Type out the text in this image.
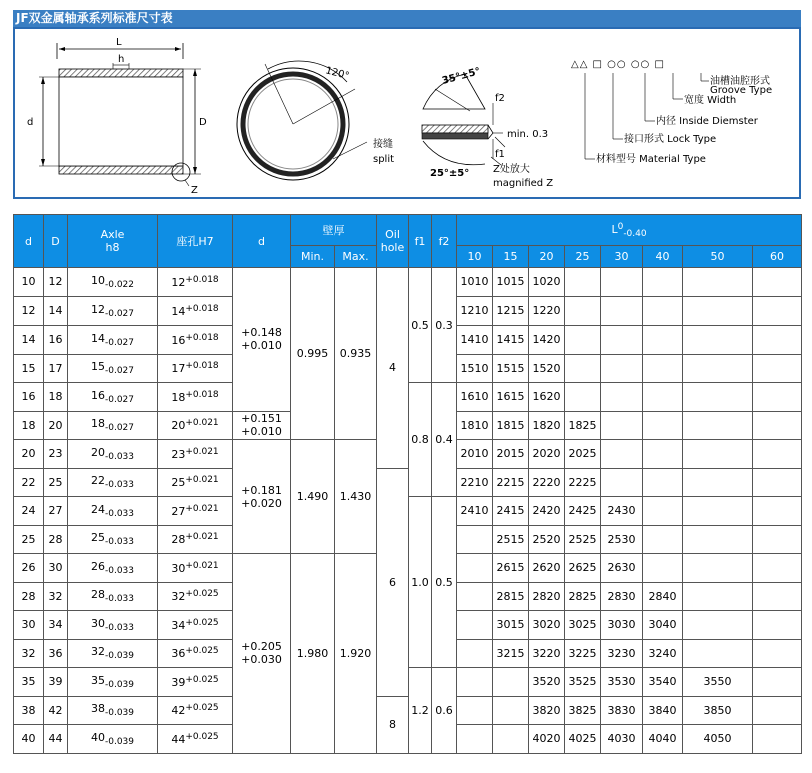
JF双金属轴承系列标准尺寸表
L
h
d	D
Z
120°
接缝
split
35°±5°
f2
f1
min. 0.3
25°±5° Z处放大
magnified Z
△△ □ ○○ ○○ □
油槽油腔形式
Groove Type
宽度 Width
内径 Inside Diemster
接口形式 Lock Type
材料型号 Material Type
d	D	Axle
h8	座孔H7	d	壁厚		Oil
hole	f1	f2	$L^0_{-0.40}$
					Min.	Max.				10	15	20	25	30	40	50	60
10	12	$10_{-0.022}$	$12^{+0.018}$	+0.148
+0.010	0.995	0.935	4	0.5	0.3	1010	1015	1020					
12	14	$12_{-0.027}$	$14^{+0.018}$							1210	1215	1220					
14	16	$14_{-0.027}$	$16^{+0.018}$							1410	1415	1420					
15	17	$15_{-0.027}$	$17^{+0.018}$							1510	1515	1520					
16	18	$16_{-0.027}$	$18^{+0.018}$					0.8	0.4	1610	1615	1620					
18	20	$18_{-0.027}$	$20^{+0.021}$	+0.151
+0.010						1810	1815	1820	1825				
20	23	$20_{-0.033}$	$23^{+0.021}$	+0.181
+0.020	1.490	1.430				2010	2015	2020	2025				
22	25	$22_{-0.033}$	$25^{+0.021}$				6			2210	2215	2220	2225				
24	27	$24_{-0.033}$	$27^{+0.021}$					1.0	0.5	2410	2415	2420	2425	2430			
25	28	$25_{-0.033}$	$28^{+0.021}$								2515	2520	2525	2530			
26	30	$26_{-0.033}$	$30^{+0.021}$	+0.205
+0.030	1.980	1.920					2615	2620	2625	2630			
28	32	$28_{-0.033}$	$32^{+0.025}$								2815	2820	2825	2830	2840		
30	34	$30_{-0.033}$	$34^{+0.025}$								3015	3020	3025	3030	3040		
32	36	$32_{-0.039}$	$36^{+0.025}$								3215	3220	3225	3230	3240		
35	39	$35_{-0.039}$	$39^{+0.025}$					1.2	0.6			3520	3525	3530	3540	3550	
38	42	$38_{-0.039}$	$42^{+0.025}$				8					3820	3825	3830	3840	3850	
40	44	$40_{-0.039}$	$44^{+0.025}$									4020	4025	4030	4040	4050	
